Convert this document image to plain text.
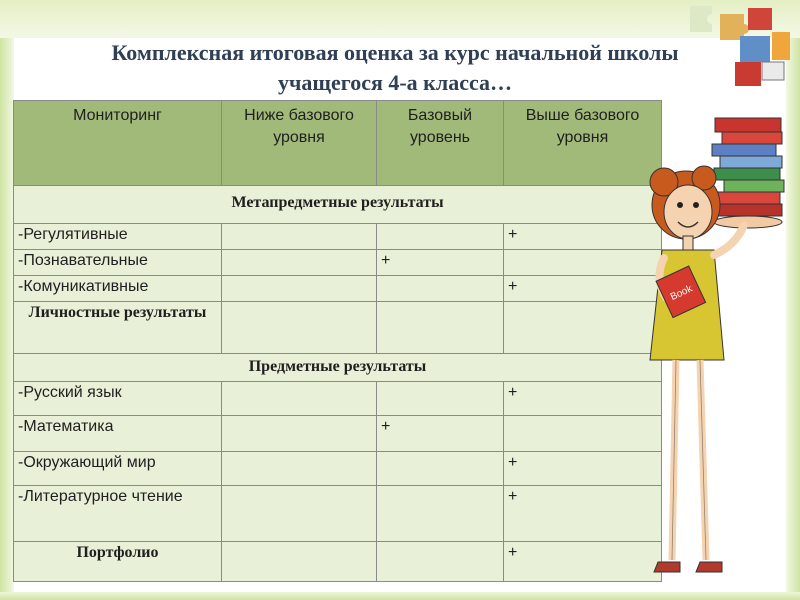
Комплексная итоговая оценка за курс начальной школы
учащегося 4-а класса…
Мониторинг	Ниже базового уровня	Базовый уровень	Выше базового уровня
Метапредметные результаты			
-Регулятивные			+
-Познавательные		+	
-Комуникативные			+
Личностные результаты			
Предметные результаты			
-Русский язык			+
-Математика		+	
-Окружающий мир			+
-Литературное чтение			+
Портфолио			+
Book
